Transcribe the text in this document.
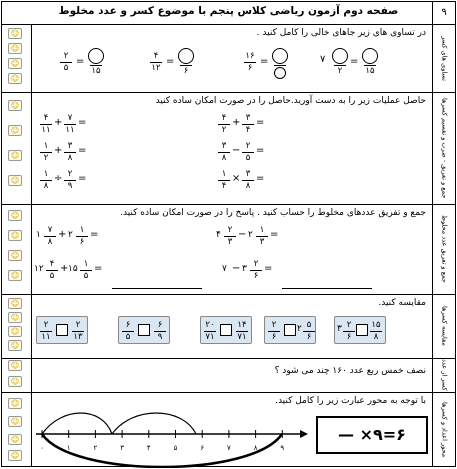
صفحه دوم آزمون ریاضی کلاس پنجم با موضوع کسر و عدد مخلوط	۹
☺
☺
☺
☺
☺
☺
☺
☺
☺
☺
☺
☺
☺
☺
☺
☺
☺
☺
☺
☺
☺
☺
تساوی های کسر
جمع و تفریق - ضرب و تقسیم کسرها
جمع و تفریق عدد مخلوط
مقایسه کسرها
کسر از عدد
محور اعداد و کسرها
در تساوی های زیر جاهای خالی را کامل کنید .
۲
۵
=
۱۵
۴
۱۲
=
۶
۱۶
۶
=	۷
۲
=
۱۵
حاصل عملیات زیر را به دست آورید.حاصل را در صورت امکان ساده کنید
۴
۱۱
+ ۷
۱۱
=
۱
۲
+ ۳
۸
=
۱
۸
÷ ۲
۹
=
۴
۲
+ ۳
۴
=
۳
۸
− ۲
۵
=
۱
۴
× ۳
۸
=
جمع و تفریق عددهای مخلوط را حساب کنید . پاسخ را در صورت امکان ساده کنید.
۱ ۷
۸
+ ۲ ۱
۶
=
۱۲ ۴
۵
+ ۱۵ ۱
۵
=
۴ ۲
۳
− ۲ ۱
۳
=
۷ − ۳ ۲
۶
=
مقایسه کنید.
۲
۱۱
۲
۱۳
۶
۵
۶
۹
۲۰
۷۱
۱۴
۷۱
۲
۶
۲ ۵
۶
۳ ۲
۶
۱۵
۸
نصف خمس ربع عدد ۱۶۰ چند می شود ؟
با توجه به محور عبارت زیر را کامل کنید.
۰	۱	۲	۳	۴	۵	۶	۷	۸	۹
— ×۹=۶
